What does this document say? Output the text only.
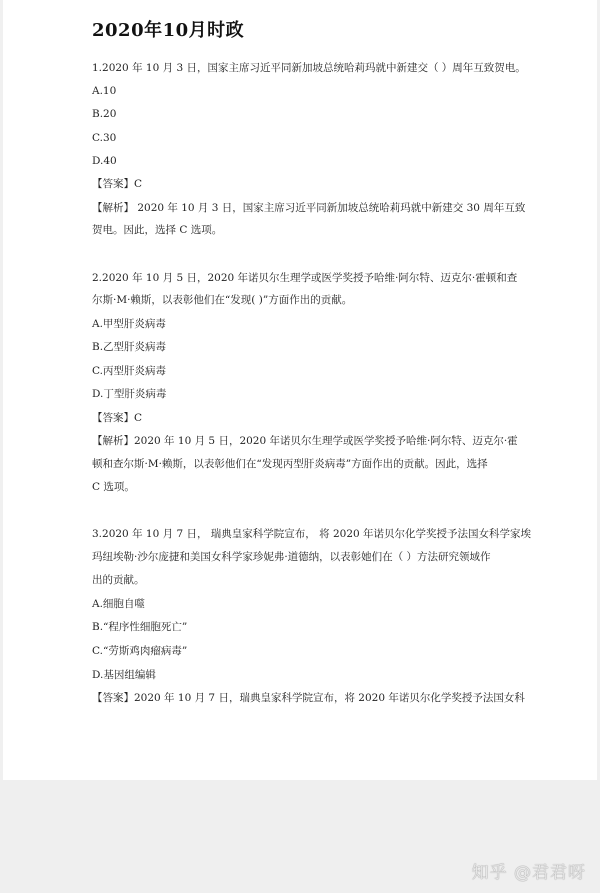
2020年10月时政
1.2020 年 10 月 3 日，国家主席习近平同新加坡总统哈莉玛就中新建交（ ）周年互致贺电。
A.10
B.20
C.30
D.40
【答案】C
【解析】 2020 年 10 月 3 日，国家主席习近平同新加坡总统哈莉玛就中新建交 30 周年互致
贺电。因此，选择 C 选项。
2.2020 年 10 月 5 日，2020 年诺贝尔生理学或医学奖授予哈维·阿尔特、迈克尔·霍顿和查
尔斯·M·赖斯，以表彰他们在“发现( )”方面作出的贡献。
A.甲型肝炎病毒
B.乙型肝炎病毒
C.丙型肝炎病毒
D.丁型肝炎病毒
【答案】C
【解析】2020 年 10 月 5 日，2020 年诺贝尔生理学或医学奖授予哈维·阿尔特、迈克尔·霍
顿和查尔斯·M·赖斯，以表彰他们在“发现丙型肝炎病毒”方面作出的贡献。因此，选择
C 选项。
3.2020 年 10 月 7 日， 瑞典皇家科学院宣布， 将 2020 年诺贝尔化学奖授予法国女科学家埃
玛纽埃勒·沙尔庞捷和美国女科学家珍妮弗·道德纳，以表彰她们在（ ）方法研究领域作
出的贡献。
A.细胞自噬
B.“程序性细胞死亡”
C.“劳斯鸡肉瘤病毒”
D.基因组编辑
【答案】2020 年 10 月 7 日，瑞典皇家科学院宣布，将 2020 年诺贝尔化学奖授予法国女科
知乎 @君君呀
